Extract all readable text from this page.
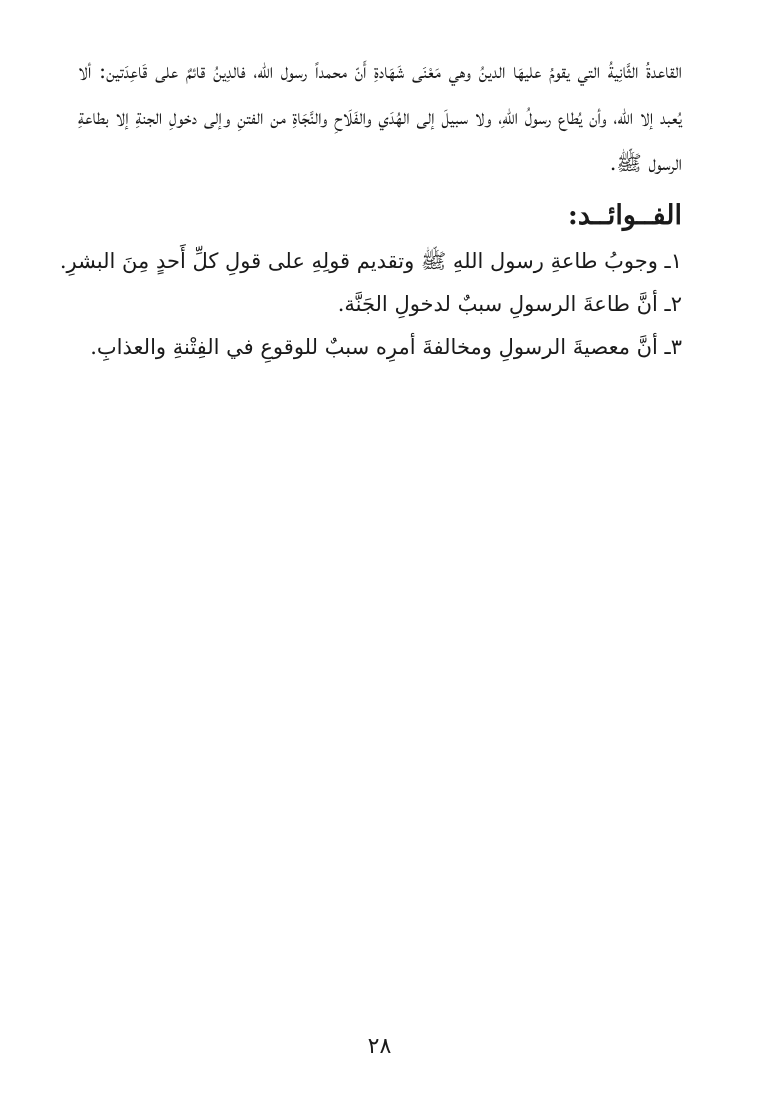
القاعدةُ الثَّانِيةُ التي يقومُ عليهَا الدينُ وهي مَعْنَى شَهَادةِ أَنّ محمداً رسول الله، فالدِينُ قائمٌ على قَاعِدَتين: ألا يُعبد إلا الله، وأن يُطاع رسولُ اللهِ، ولا سبيلَ إلى الهُدَي والفَلَاحِ والنَّجَاةِ من الفتنِ وإلى دخولِ الجنةِ إلا بطاعةِ الرسول ﷺ.

الفــوائــد:
١ـ وجوبُ طاعةِ رسول اللهِ ﷺ وتقديم قولِهِ على قولِ كلِّ أَحدٍ مِنَ البشرِ.
٢ـ أنَّ طاعةَ الرسولِ سببٌ لدخولِ الجَنَّة.
٣ـ أنَّ معصيةَ الرسولِ ومخالفةَ أمرِه سببٌ للوقوعِ في الفِتْنةِ والعذابِ.
٢٨
